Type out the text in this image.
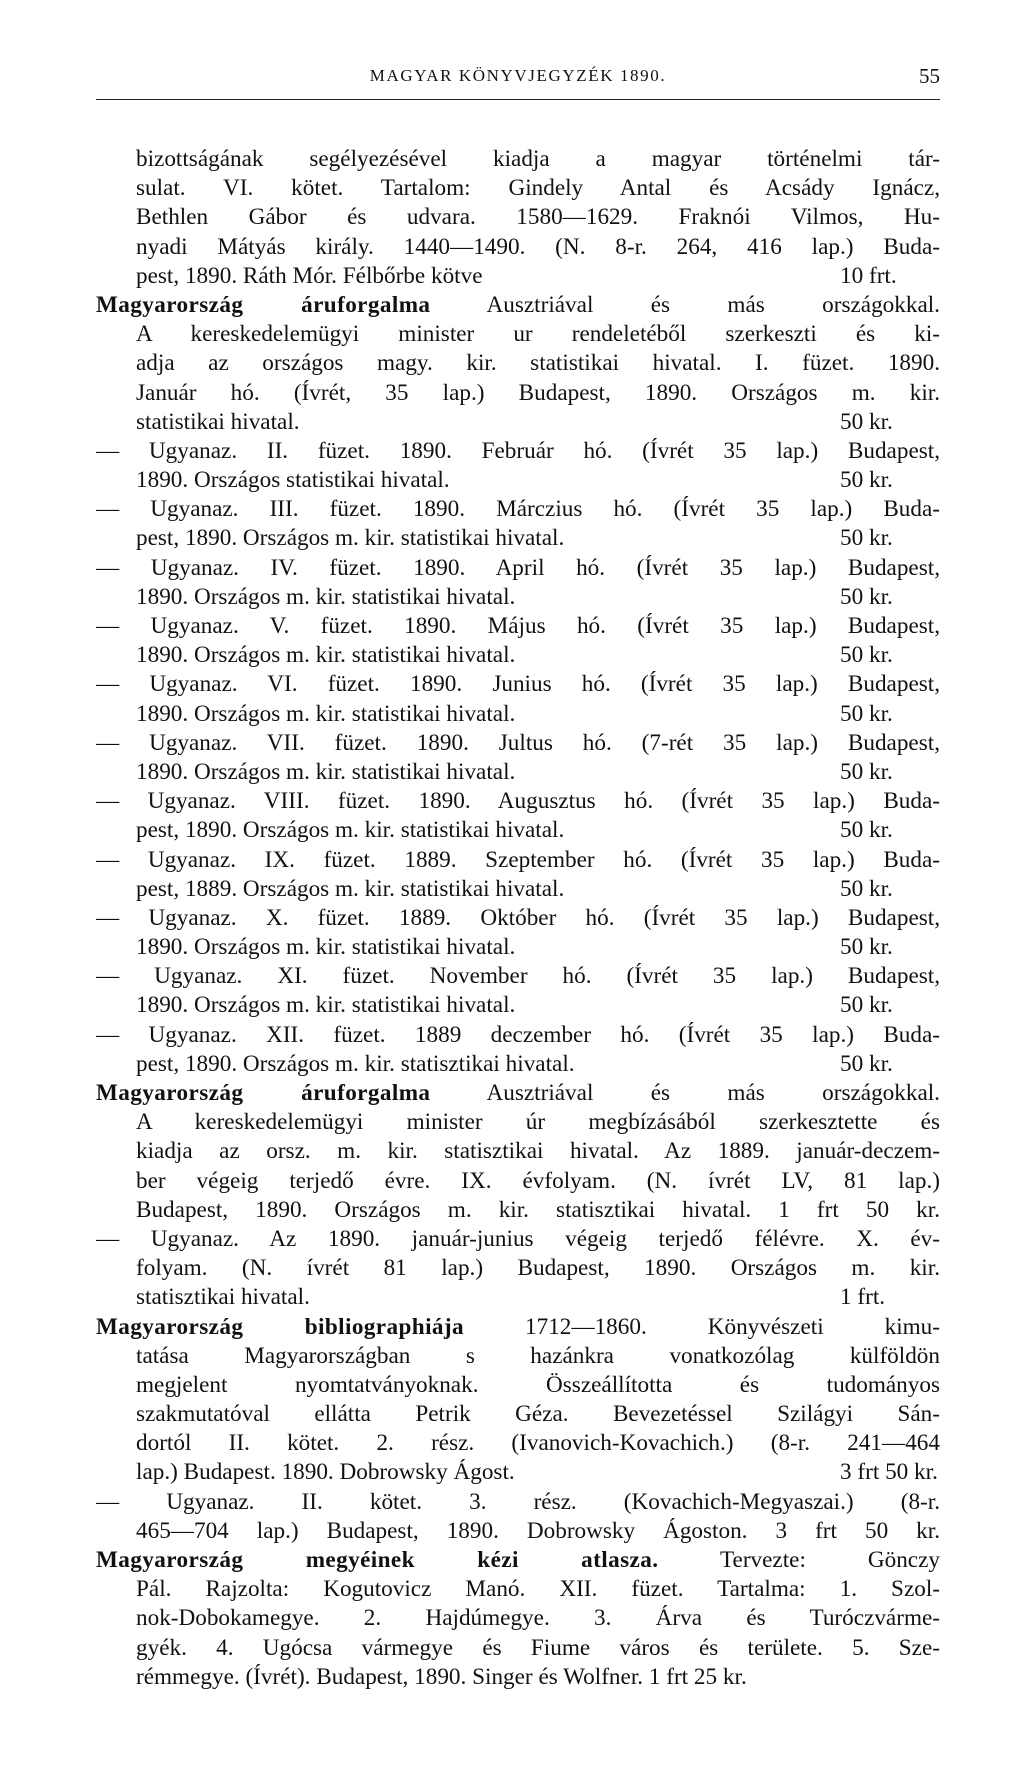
MAGYAR KÖNYVJEGYZÉK 1890.	55
bizottságának segélyezésével kiadja a magyar történelmi tár-
sulat. VI. kötet. Tartalom: Gindely Antal és Acsády Ignácz,
Bethlen Gábor és udvara. 1580—1629. Fraknói Vilmos, Hu-
nyadi Mátyás király. 1440—1490. (N. 8-r. 264, 416 lap.) Buda-
pest, 1890. Ráth Mór. Félbőrbe kötve	10 frt.
Magyarország áruforgalma Ausztriával és más országokkal.
A kereskedelemügyi minister ur rendeletéből szerkeszti és ki-
adja az országos magy. kir. statistikai hivatal. I. füzet. 1890.
Január hó. (Ívrét, 35 lap.) Budapest, 1890. Országos m. kir.
statistikai hivatal.	50 kr.
— Ugyanaz. II. füzet. 1890. Február hó. (Ívrét 35 lap.) Budapest,
1890. Országos statistikai hivatal.	50 kr.
— Ugyanaz. III. füzet. 1890. Márczius hó. (Ívrét 35 lap.) Buda-
pest, 1890. Országos m. kir. statistikai hivatal.	50 kr.
— Ugyanaz. IV. füzet. 1890. April hó. (Ívrét 35 lap.) Budapest,
1890. Országos m. kir. statistikai hivatal.	50 kr.
— Ugyanaz. V. füzet. 1890. Május hó. (Ívrét 35 lap.) Budapest,
1890. Országos m. kir. statistikai hivatal.	50 kr.
— Ugyanaz. VI. füzet. 1890. Junius hó. (Ívrét 35 lap.) Budapest,
1890. Országos m. kir. statistikai hivatal.	50 kr.
— Ugyanaz. VII. füzet. 1890. Jultus hó. (7-rét 35 lap.) Budapest,
1890. Országos m. kir. statistikai hivatal.	50 kr.
— Ugyanaz. VIII. füzet. 1890. Augusztus hó. (Ívrét 35 lap.) Buda-
pest, 1890. Országos m. kir. statistikai hivatal.	50 kr.
— Ugyanaz. IX. füzet. 1889. Szeptember hó. (Ívrét 35 lap.) Buda-
pest, 1889. Országos m. kir. statistikai hivatal.	50 kr.
— Ugyanaz. X. füzet. 1889. Október hó. (Ívrét 35 lap.) Budapest,
1890. Országos m. kir. statistikai hivatal.	50 kr.
— Ugyanaz. XI. füzet. November hó. (Ívrét 35 lap.) Budapest,
1890. Országos m. kir. statistikai hivatal.	50 kr.
— Ugyanaz. XII. füzet. 1889 deczember hó. (Ívrét 35 lap.) Buda-
pest, 1890. Országos m. kir. statisztikai hivatal.	50 kr.
Magyarország áruforgalma Ausztriával és más országokkal.
A kereskedelemügyi minister úr megbízásából szerkesztette és
kiadja az orsz. m. kir. statisztikai hivatal. Az 1889. január-deczem-
ber végeig terjedő évre. IX. évfolyam. (N. ívrét LV, 81 lap.)
Budapest, 1890. Országos m. kir. statisztikai hivatal. 1 frt 50 kr.
— Ugyanaz. Az 1890. január-junius végeig terjedő félévre. X. év-
folyam. (N. ívrét 81 lap.) Budapest, 1890. Országos m. kir.
statisztikai hivatal.	1 frt.
Magyarország bibliographiája 1712—1860. Könyvészeti kimu-
tatása Magyarországban s hazánkra vonatkozólag külföldön
megjelent nyomtatványoknak. Összeállította és tudományos
szakmutatóval ellátta Petrik Géza. Bevezetéssel Szilágyi Sán-
dortól II. kötet. 2. rész. (Ivanovich-Kovachich.) (8-r. 241—464
lap.) Budapest. 1890. Dobrowsky Ágost.	3 frt 50 kr.
— Ugyanaz. II. kötet. 3. rész. (Kovachich-Megyaszai.) (8-r.
465—704 lap.) Budapest, 1890. Dobrowsky Ágoston. 3 frt 50 kr.
Magyarország megyéinek kézi atlasza. Tervezte: Gönczy
Pál. Rajzolta: Kogutovicz Manó. XII. füzet. Tartalma: 1. Szol-
nok-Dobokamegye. 2. Hajdúmegye. 3. Árva és Turóczvárme-
gyék. 4. Ugócsa vármegye és Fiume város és területe. 5. Sze-
rémmegye. (Ívrét). Budapest, 1890. Singer és Wolfner. 1 frt 25 kr.
